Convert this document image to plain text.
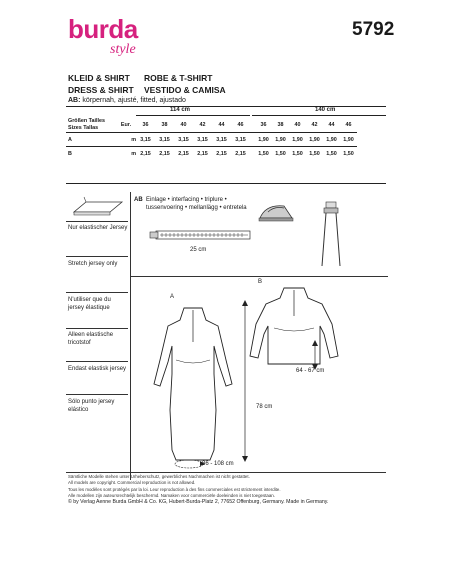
burda
style
5792
KLEID & SHIRT ROBE & T-SHIRT
DRESS & SHIRT VESTIDO & CAMISA
AB: körpernah, ajusté, fitted, ajustado
114 cm	140 cm
Größen Tailles
Sizes Tallas	Eur.	36	38	40	42	44	46		36	38	40	42	44	46
A	m	3,15	3,15	3,15	3,15	3,15	3,15		1,90	1,90	1,90	1,90	1,90	1,90
B	m	2,15	2,15	2,15	2,15	2,15	2,15		1,50	1,50	1,50	1,50	1,50	1,50
Nur elastischer Jersey
Stretch jersey only
N'utiliser que du jersey élastique
Alleen elastische tricotstof
Endast elastisk jersey
Sólo punto jersey elástico
AB Einlage • interfacing • triplure • tussenvoering • mellanlägg • entretela
25 cm
A
78 cm
86 - 108 cm
B
64 - 67 cm
Sämtliche Modelle stehen unter Urheberschutz, gewerbliches Nachmachen ist nicht gestattet.
All models are copyright. Commercial reproduction is not allowed.
Tous les modèles sont protégés par la loi. Leur reproduction à des fins commerciales est strictement interdite.
Alle modellen zijn auteursrechtelijk beschermd. Namaken voor commerciële doeleinden is niet toegestaan.
© by Verlag Aenne Burda GmbH & Co. KG, Hubert-Burda-Platz 2, 77652 Offenburg, Germany. Made in Germany.
